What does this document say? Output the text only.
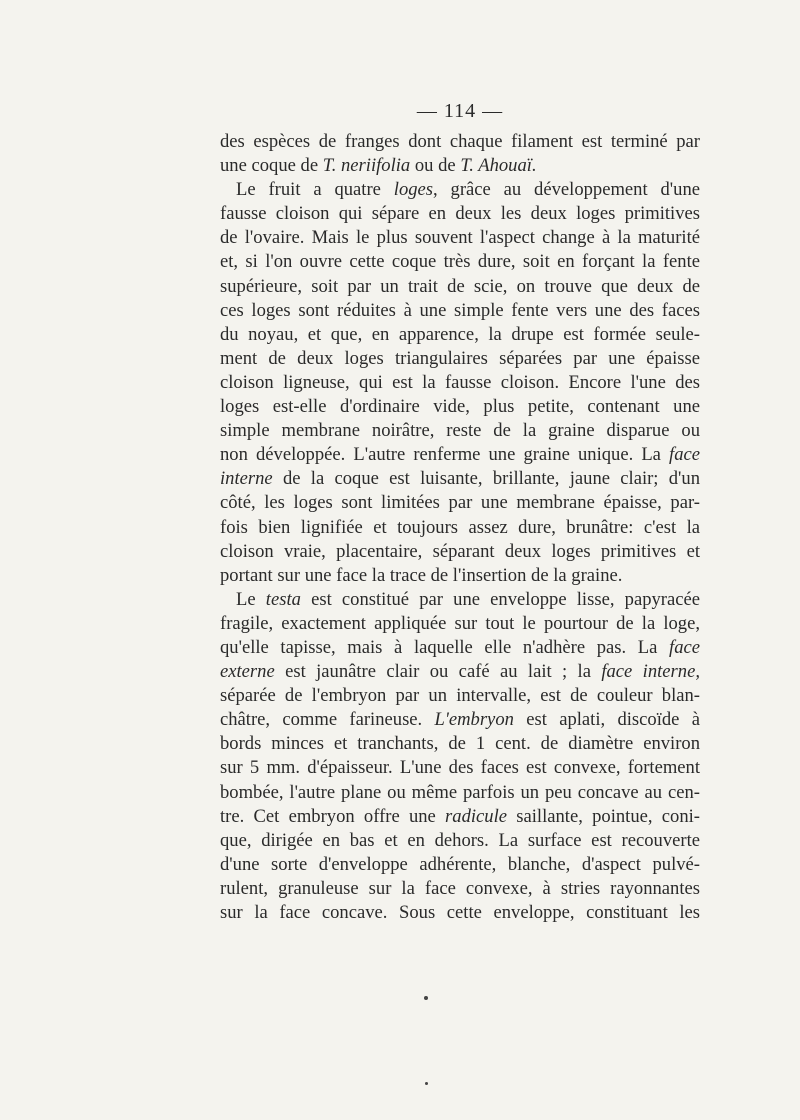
— 114 —
des espèces de franges dont chaque filament est terminé par
une coque de T. neriifolia ou de T. Ahouaï.
Le fruit a quatre loges, grâce au développement d'une
fausse cloison qui sépare en deux les deux loges primitives
de l'ovaire. Mais le plus souvent l'aspect change à la maturité
et, si l'on ouvre cette coque très dure, soit en forçant la fente
supérieure, soit par un trait de scie, on trouve que deux de
ces loges sont réduites à une simple fente vers une des faces
du noyau, et que, en apparence, la drupe est formée seule-
ment de deux loges triangulaires séparées par une épaisse
cloison ligneuse, qui est la fausse cloison. Encore l'une des
loges est-elle d'ordinaire vide, plus petite, contenant une
simple membrane noirâtre, reste de la graine disparue ou
non développée. L'autre renferme une graine unique. La face
interne de la coque est luisante, brillante, jaune clair; d'un
côté, les loges sont limitées par une membrane épaisse, par-
fois bien lignifiée et toujours assez dure, brunâtre: c'est la
cloison vraie, placentaire, séparant deux loges primitives et
portant sur une face la trace de l'insertion de la graine.
Le testa est constitué par une enveloppe lisse, papyracée
fragile, exactement appliquée sur tout le pourtour de la loge,
qu'elle tapisse, mais à laquelle elle n'adhère pas. La face
externe est jaunâtre clair ou café au lait ; la face interne,
séparée de l'embryon par un intervalle, est de couleur blan-
châtre, comme farineuse. L'embryon est aplati, discoïde à
bords minces et tranchants, de 1 cent. de diamètre environ
sur 5 mm. d'épaisseur. L'une des faces est convexe, fortement
bombée, l'autre plane ou même parfois un peu concave au cen-
tre. Cet embryon offre une radicule saillante, pointue, coni-
que, dirigée en bas et en dehors. La surface est recouverte
d'une sorte d'enveloppe adhérente, blanche, d'aspect pulvé-
rulent, granuleuse sur la face convexe, à stries rayonnantes
sur la face concave. Sous cette enveloppe, constituant les
